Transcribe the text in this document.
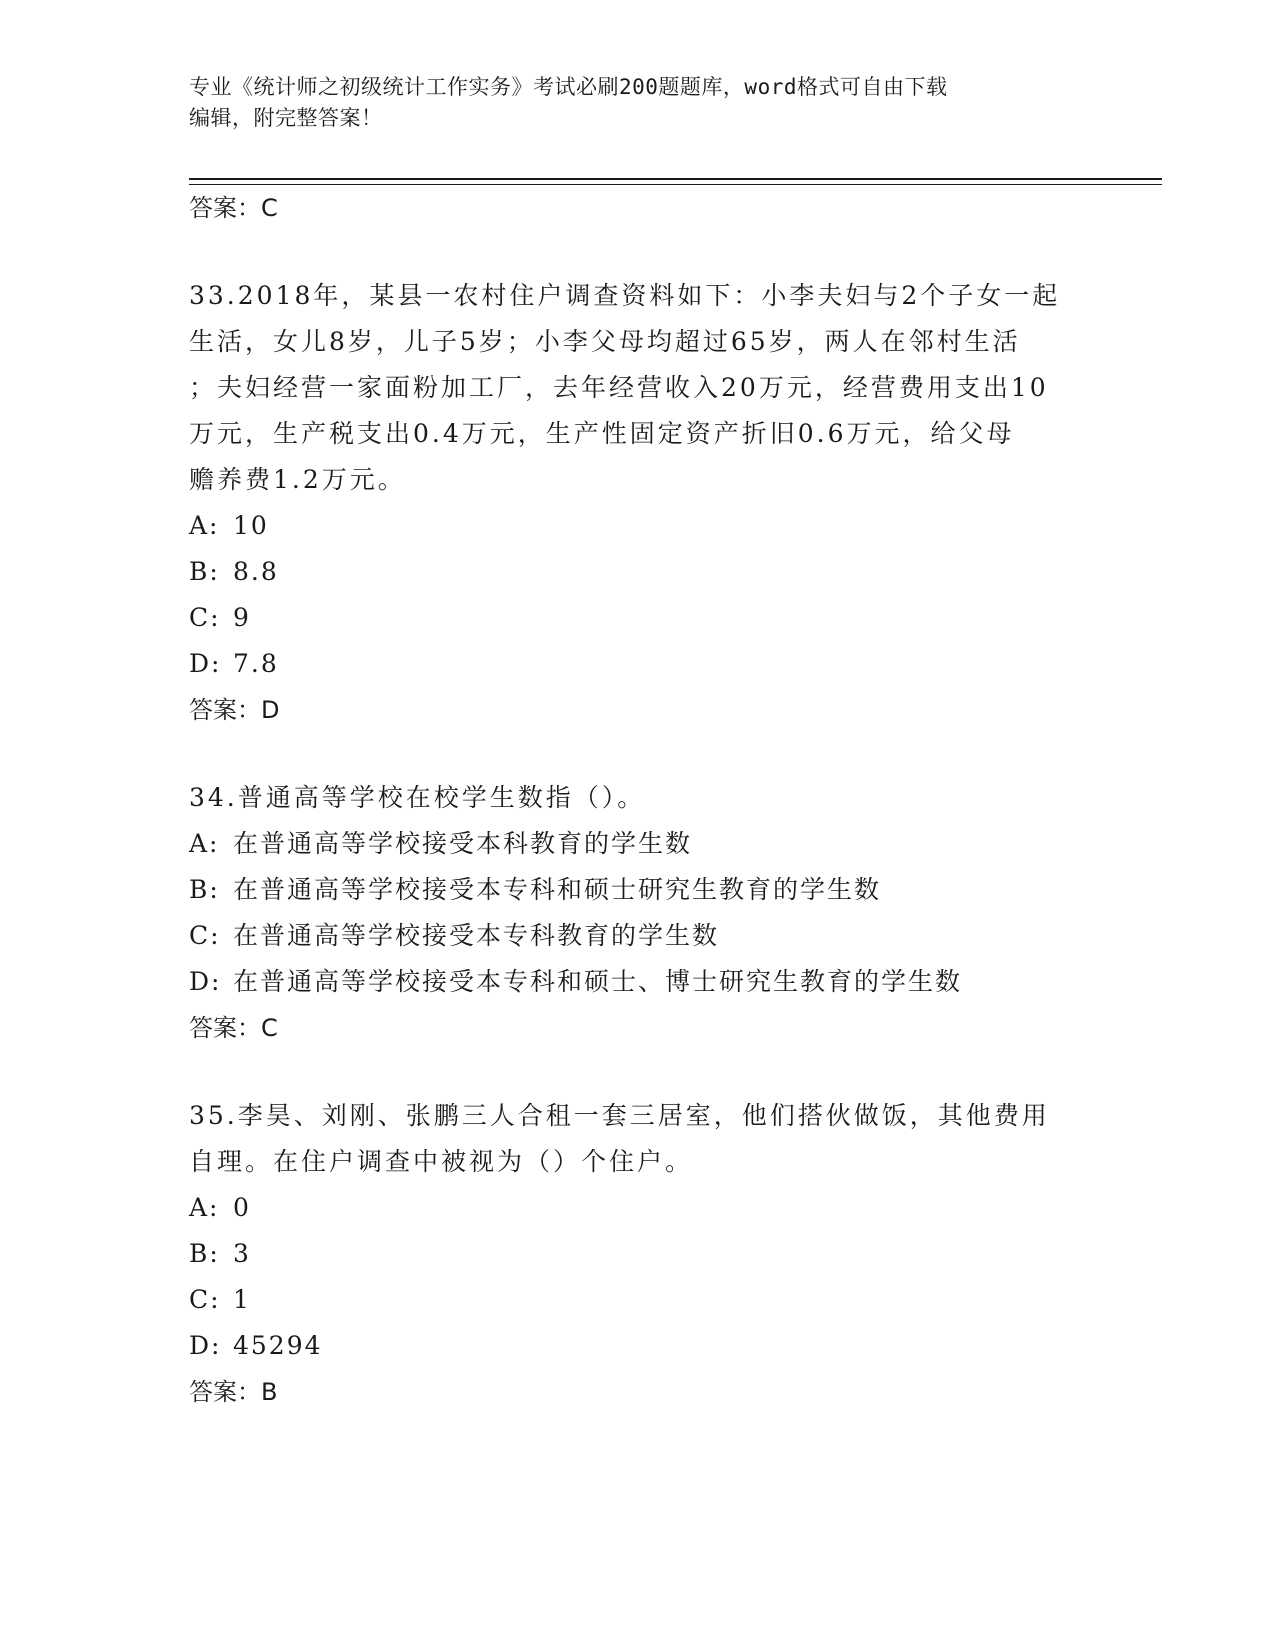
专业《统计师之初级统计工作实务》考试必刷200题题库，word格式可自由下载
编辑，附完整答案！
答案：C
33.2018年，某县一农村住户调查资料如下：小李夫妇与2个子女一起
生活，女儿8岁，儿子5岁；小李父母均超过65岁，两人在邻村生活
；夫妇经营一家面粉加工厂，去年经营收入20万元，经营费用支出10
万元，生产税支出0.4万元，生产性固定资产折旧0.6万元，给父母
赡养费1.2万元。
A: 10
B: 8.8
C: 9
D: 7.8
答案：D
34.普通高等学校在校学生数指（）。
A: 在普通高等学校接受本科教育的学生数
B: 在普通高等学校接受本专科和硕士研究生教育的学生数
C: 在普通高等学校接受本专科教育的学生数
D: 在普通高等学校接受本专科和硕士、博士研究生教育的学生数
答案：C
35.李昊、刘刚、张鹏三人合租一套三居室，他们搭伙做饭，其他费用
自理。在住户调查中被视为（）个住户。
A: 0
B: 3
C: 1
D: 45294
答案：B
